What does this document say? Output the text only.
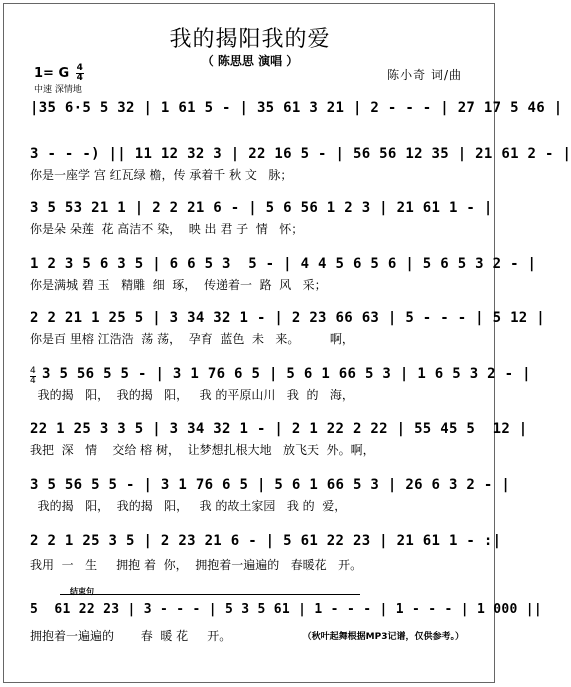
我的揭阳我的爱
（ 陈思思 演唱 ）
陈小奇 词/曲
1= G $\frac{4}{4}$
中速 深情地
|35 6·5 5 32 | 1 61 5 - | 35 61 3 21 | 2 - - - | 27 17 5 46 |
3 - - -) || 11 12 32 3 | 22 16 5 - | 56 56 12 35 | 21 61 2 - |
你是一座学 宫 红瓦绿 檐，传 承着千 秋 文   脉；
3 5 53 21 1 | 2 2 21 6 - | 5 6 56 1 2 3 | 21 61 1 - |
你是朵 朵莲  花 高洁不 染，  映 出 君 子  情   怀；
1 2 3 5 6 3 5 | 6 6 5 3  5 - | 4 4 5 6 5 6 | 5 6 5 3 2 - |
你是满城 碧 玉   精雕  细  琢，  传递着一  路  风   采；
2 2 21 1 25 5 | 3 34 32 1 - | 2 23 66 63 | 5 - - - | 5 12 |
你是百 里榕 江浩浩  荡 荡，  孕育  蓝色  未   来。        啊，
$\frac{4}{4} 3$ 5 56 5 5 - | 3 1 76 6 5 | 5 6 1 66 5 3 | 1 6 5 3 2 - |
我的揭   阳，  我的揭   阳，   我 的平原山川   我  的   海，
22 1 25 3 3 5 | 3 34 32 1 - | 2 1 22 2 22 | 55 45 5  12 |
我把  深   情    交给 榕 树，  让梦想扎根大地   放飞天  外。啊，
3 5 56 5 5 - | 3 1 76 6 5 | 5 6 1 66 5 3 | 26 6 3 2 - |
我的揭   阳，  我的揭   阳，   我 的故土家园   我 的  爱，
2 2 1 25 3 5 | 2 23 21 6 - | 5 61 22 23 | 21 61 1 - :|
我用  一   生     拥抱 着  你，  拥抱着一遍遍的   春暖花   开。
结束句
5  61 22 23 | 3 - - - | 5 3 5 61 | 1 - - - | 1 - - - | 1 000 ||
拥抱着一遍遍的       春  暖 花     开。	（秋叶起舞根据MP3记谱，仅供参考。）
